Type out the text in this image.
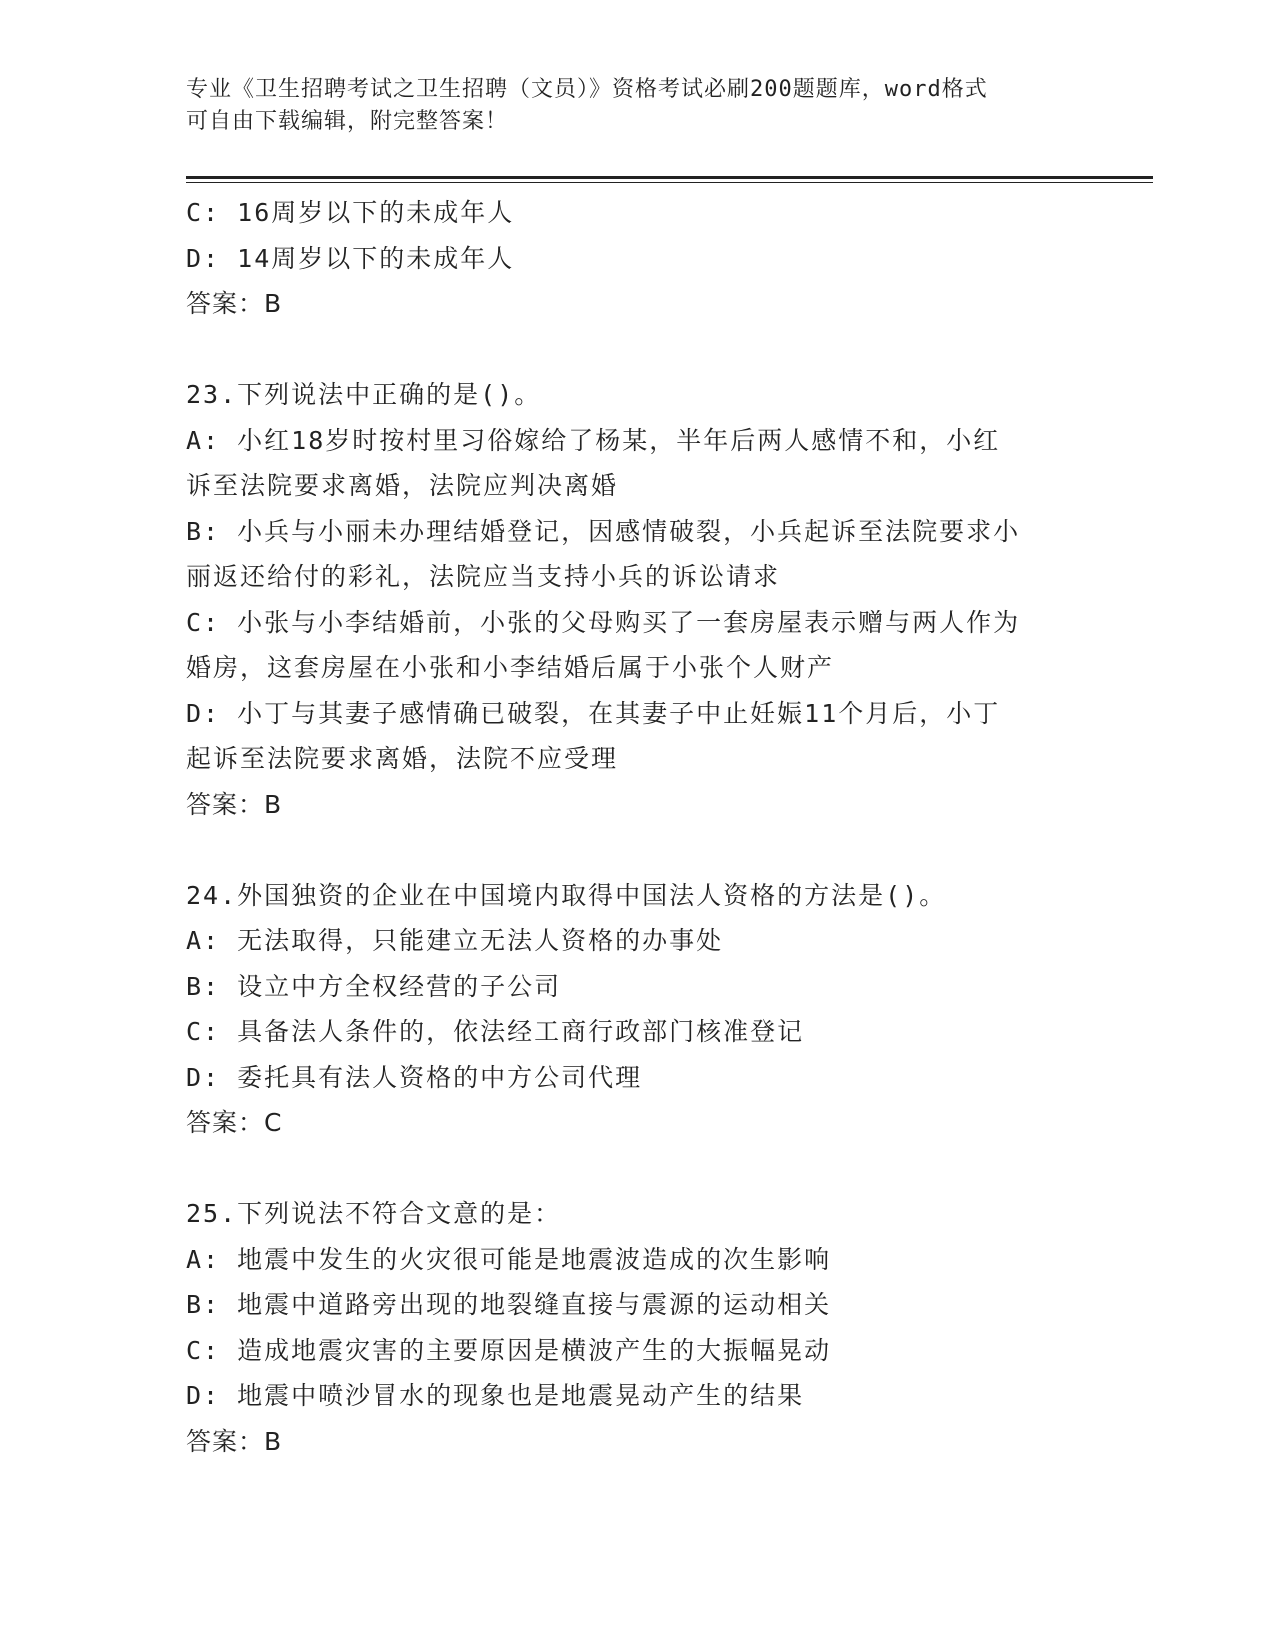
专业《卫生招聘考试之卫生招聘（文员）》资格考试必刷200题题库，word格式
可自由下载编辑，附完整答案！
C: 16周岁以下的未成年人
D: 14周岁以下的未成年人
答案：B
23.下列说法中正确的是()。
A: 小红18岁时按村里习俗嫁给了杨某，半年后两人感情不和，小红
诉至法院要求离婚，法院应判决离婚
B: 小兵与小丽未办理结婚登记，因感情破裂，小兵起诉至法院要求小
丽返还给付的彩礼，法院应当支持小兵的诉讼请求
C: 小张与小李结婚前，小张的父母购买了一套房屋表示赠与两人作为
婚房，这套房屋在小张和小李结婚后属于小张个人财产
D: 小丁与其妻子感情确已破裂，在其妻子中止妊娠11个月后，小丁
起诉至法院要求离婚，法院不应受理
答案：B
24.外国独资的企业在中国境内取得中国法人资格的方法是()。
A: 无法取得，只能建立无法人资格的办事处
B: 设立中方全权经营的子公司
C: 具备法人条件的，依法经工商行政部门核准登记
D: 委托具有法人资格的中方公司代理
答案：C
25.下列说法不符合文意的是：
A: 地震中发生的火灾很可能是地震波造成的次生影响
B: 地震中道路旁出现的地裂缝直接与震源的运动相关
C: 造成地震灾害的主要原因是横波产生的大振幅晃动
D: 地震中喷沙冒水的现象也是地震晃动产生的结果
答案：B
